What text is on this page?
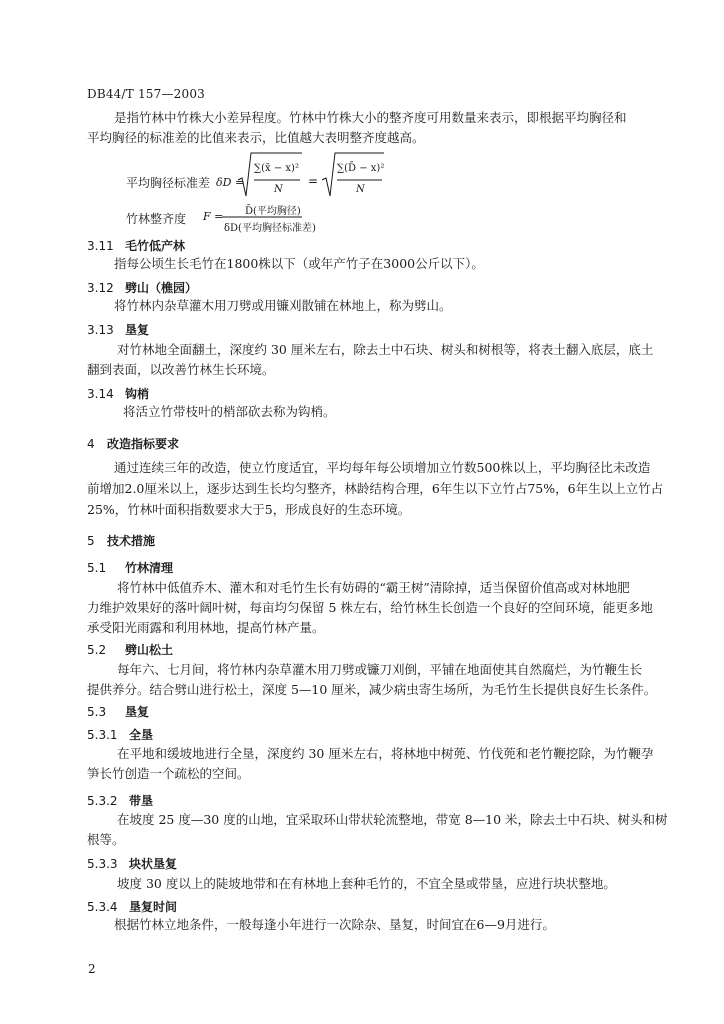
DB44/T 157—2003
是指竹林中竹株大小差异程度。竹林中竹株大小的整齐度可用数量来表示，即根据平均胸径和
平均胸径的标准差的比值来表示，比值越大表明整齐度越高。
平均胸径标准差 δD =
∑(x̄ − x)²
N
=
∑(D̄ − x)²
N
竹林整齐度 F = D̄(平均胸径)
δD(平均胸径标准差)
3.11 毛竹低产林
指每公顷生长毛竹在1800株以下（或年产竹子在3000公斤以下）。
3.12 劈山（樵园）
将竹林内杂草灌木用刀劈或用镰刈散铺在林地上，称为劈山。
3.13 垦复
对竹林地全面翻土，深度约 30 厘米左右，除去土中石块、树头和树根等，将表土翻入底层，底土
翻到表面，以改善竹林生长环境。
3.14 钩梢
将活立竹带枝叶的梢部砍去称为钩梢。
4 改造指标要求
通过连续三年的改造，使立竹度适宜，平均每年每公顷增加立竹数500株以上，平均胸径比未改造
前增加2.0厘米以上，逐步达到生长均匀整齐，林龄结构合理，6年生以下立竹占75%，6年生以上立竹占
25%，竹林叶面积指数要求大于5，形成良好的生态环境。
5 技术措施
5.1 竹林清理
将竹林中低值乔木、灌木和对毛竹生长有妨碍的“霸王树”清除掉，适当保留价值高或对林地肥
力维护效果好的落叶阔叶树，每亩均匀保留 5 株左右，给竹林生长创造一个良好的空间环境，能更多地
承受阳光雨露和利用林地，提高竹林产量。
5.2 劈山松土
每年六、七月间，将竹林内杂草灌木用刀劈或镰刀刈倒，平铺在地面使其自然腐烂，为竹鞭生长
提供养分。结合劈山进行松土，深度 5—10 厘米，减少病虫寄生场所，为毛竹生长提供良好生长条件。
5.3 垦复
5.3.1 全垦
在平地和缓坡地进行全垦，深度约 30 厘米左右，将林地中树蔸、竹伐蔸和老竹鞭挖除，为竹鞭孕
笋长竹创造一个疏松的空间。
5.3.2 带垦
在坡度 25 度—30 度的山地，宜采取环山带状轮流整地，带宽 8—10 米，除去土中石块、树头和树
根等。
5.3.3 块状垦复
坡度 30 度以上的陡坡地带和在有林地上套种毛竹的，不宜全垦或带垦，应进行块状整地。
5.3.4 垦复时间
根据竹林立地条件，一般每逢小年进行一次除杂、垦复，时间宜在6—9月进行。
2
